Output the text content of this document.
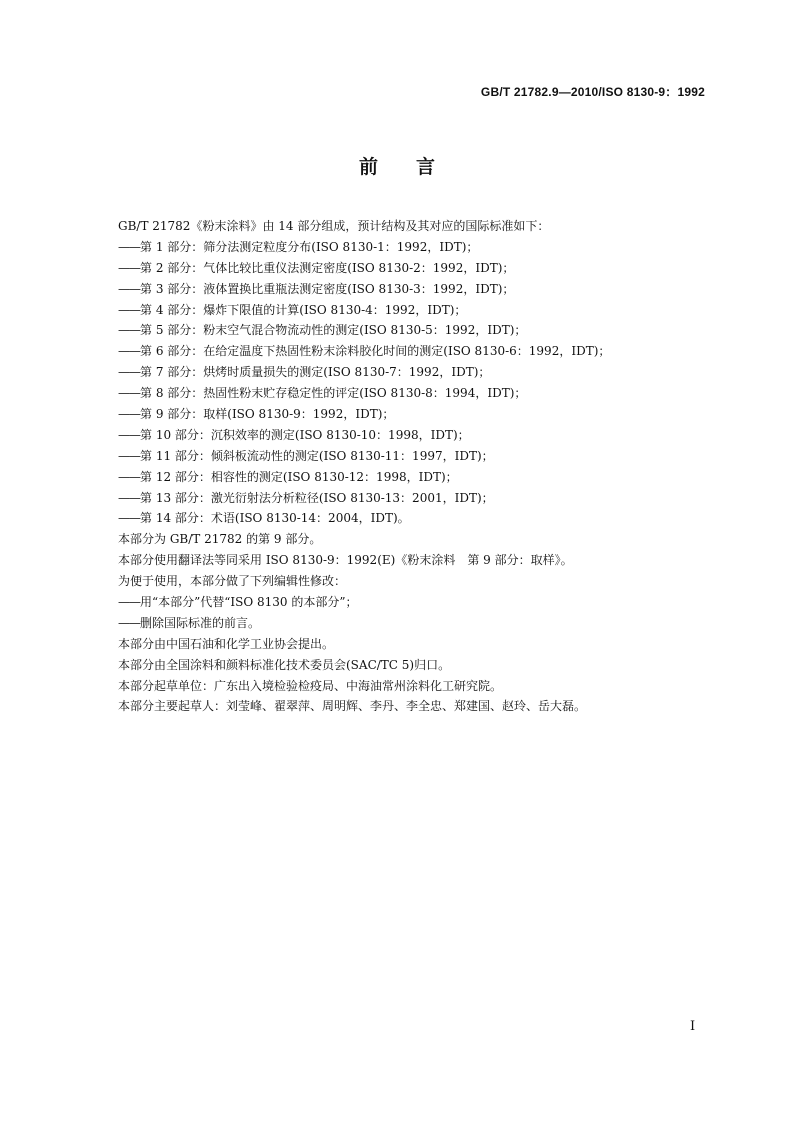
GB/T 21782.9—2010/ISO 8130-9：1992
前言
GB/T 21782《粉末涂料》由 14 部分组成，预计结构及其对应的国际标准如下：
——第 1 部分：筛分法测定粒度分布(ISO 8130-1：1992，IDT)；
——第 2 部分：气体比较比重仪法测定密度(ISO 8130-2：1992，IDT)；
——第 3 部分：液体置换比重瓶法测定密度(ISO 8130-3：1992，IDT)；
——第 4 部分：爆炸下限值的计算(ISO 8130-4：1992，IDT)；
——第 5 部分：粉末空气混合物流动性的测定(ISO 8130-5：1992，IDT)；
——第 6 部分：在给定温度下热固性粉末涂料胶化时间的测定(ISO 8130-6：1992，IDT)；
——第 7 部分：烘烤时质量损失的测定(ISO 8130-7：1992，IDT)；
——第 8 部分：热固性粉末贮存稳定性的评定(ISO 8130-8：1994，IDT)；
——第 9 部分：取样(ISO 8130-9：1992，IDT)；
——第 10 部分：沉积效率的测定(ISO 8130-10：1998，IDT)；
——第 11 部分：倾斜板流动性的测定(ISO 8130-11：1997，IDT)；
——第 12 部分：相容性的测定(ISO 8130-12：1998，IDT)；
——第 13 部分：激光衍射法分析粒径(ISO 8130-13：2001，IDT)；
——第 14 部分：术语(ISO 8130-14：2004，IDT)。
本部分为 GB/T 21782 的第 9 部分。
本部分使用翻译法等同采用 ISO 8130-9：1992(E)《粉末涂料　第 9 部分：取样》。
为便于使用，本部分做了下列编辑性修改：
——用“本部分”代替“ISO 8130 的本部分”；
——删除国际标准的前言。
本部分由中国石油和化学工业协会提出。
本部分由全国涂料和颜料标准化技术委员会(SAC/TC 5)归口。
本部分起草单位：广东出入境检验检疫局、中海油常州涂料化工研究院。
本部分主要起草人：刘莹峰、翟翠萍、周明辉、李丹、李全忠、郑建国、赵玲、岳大磊。
I
